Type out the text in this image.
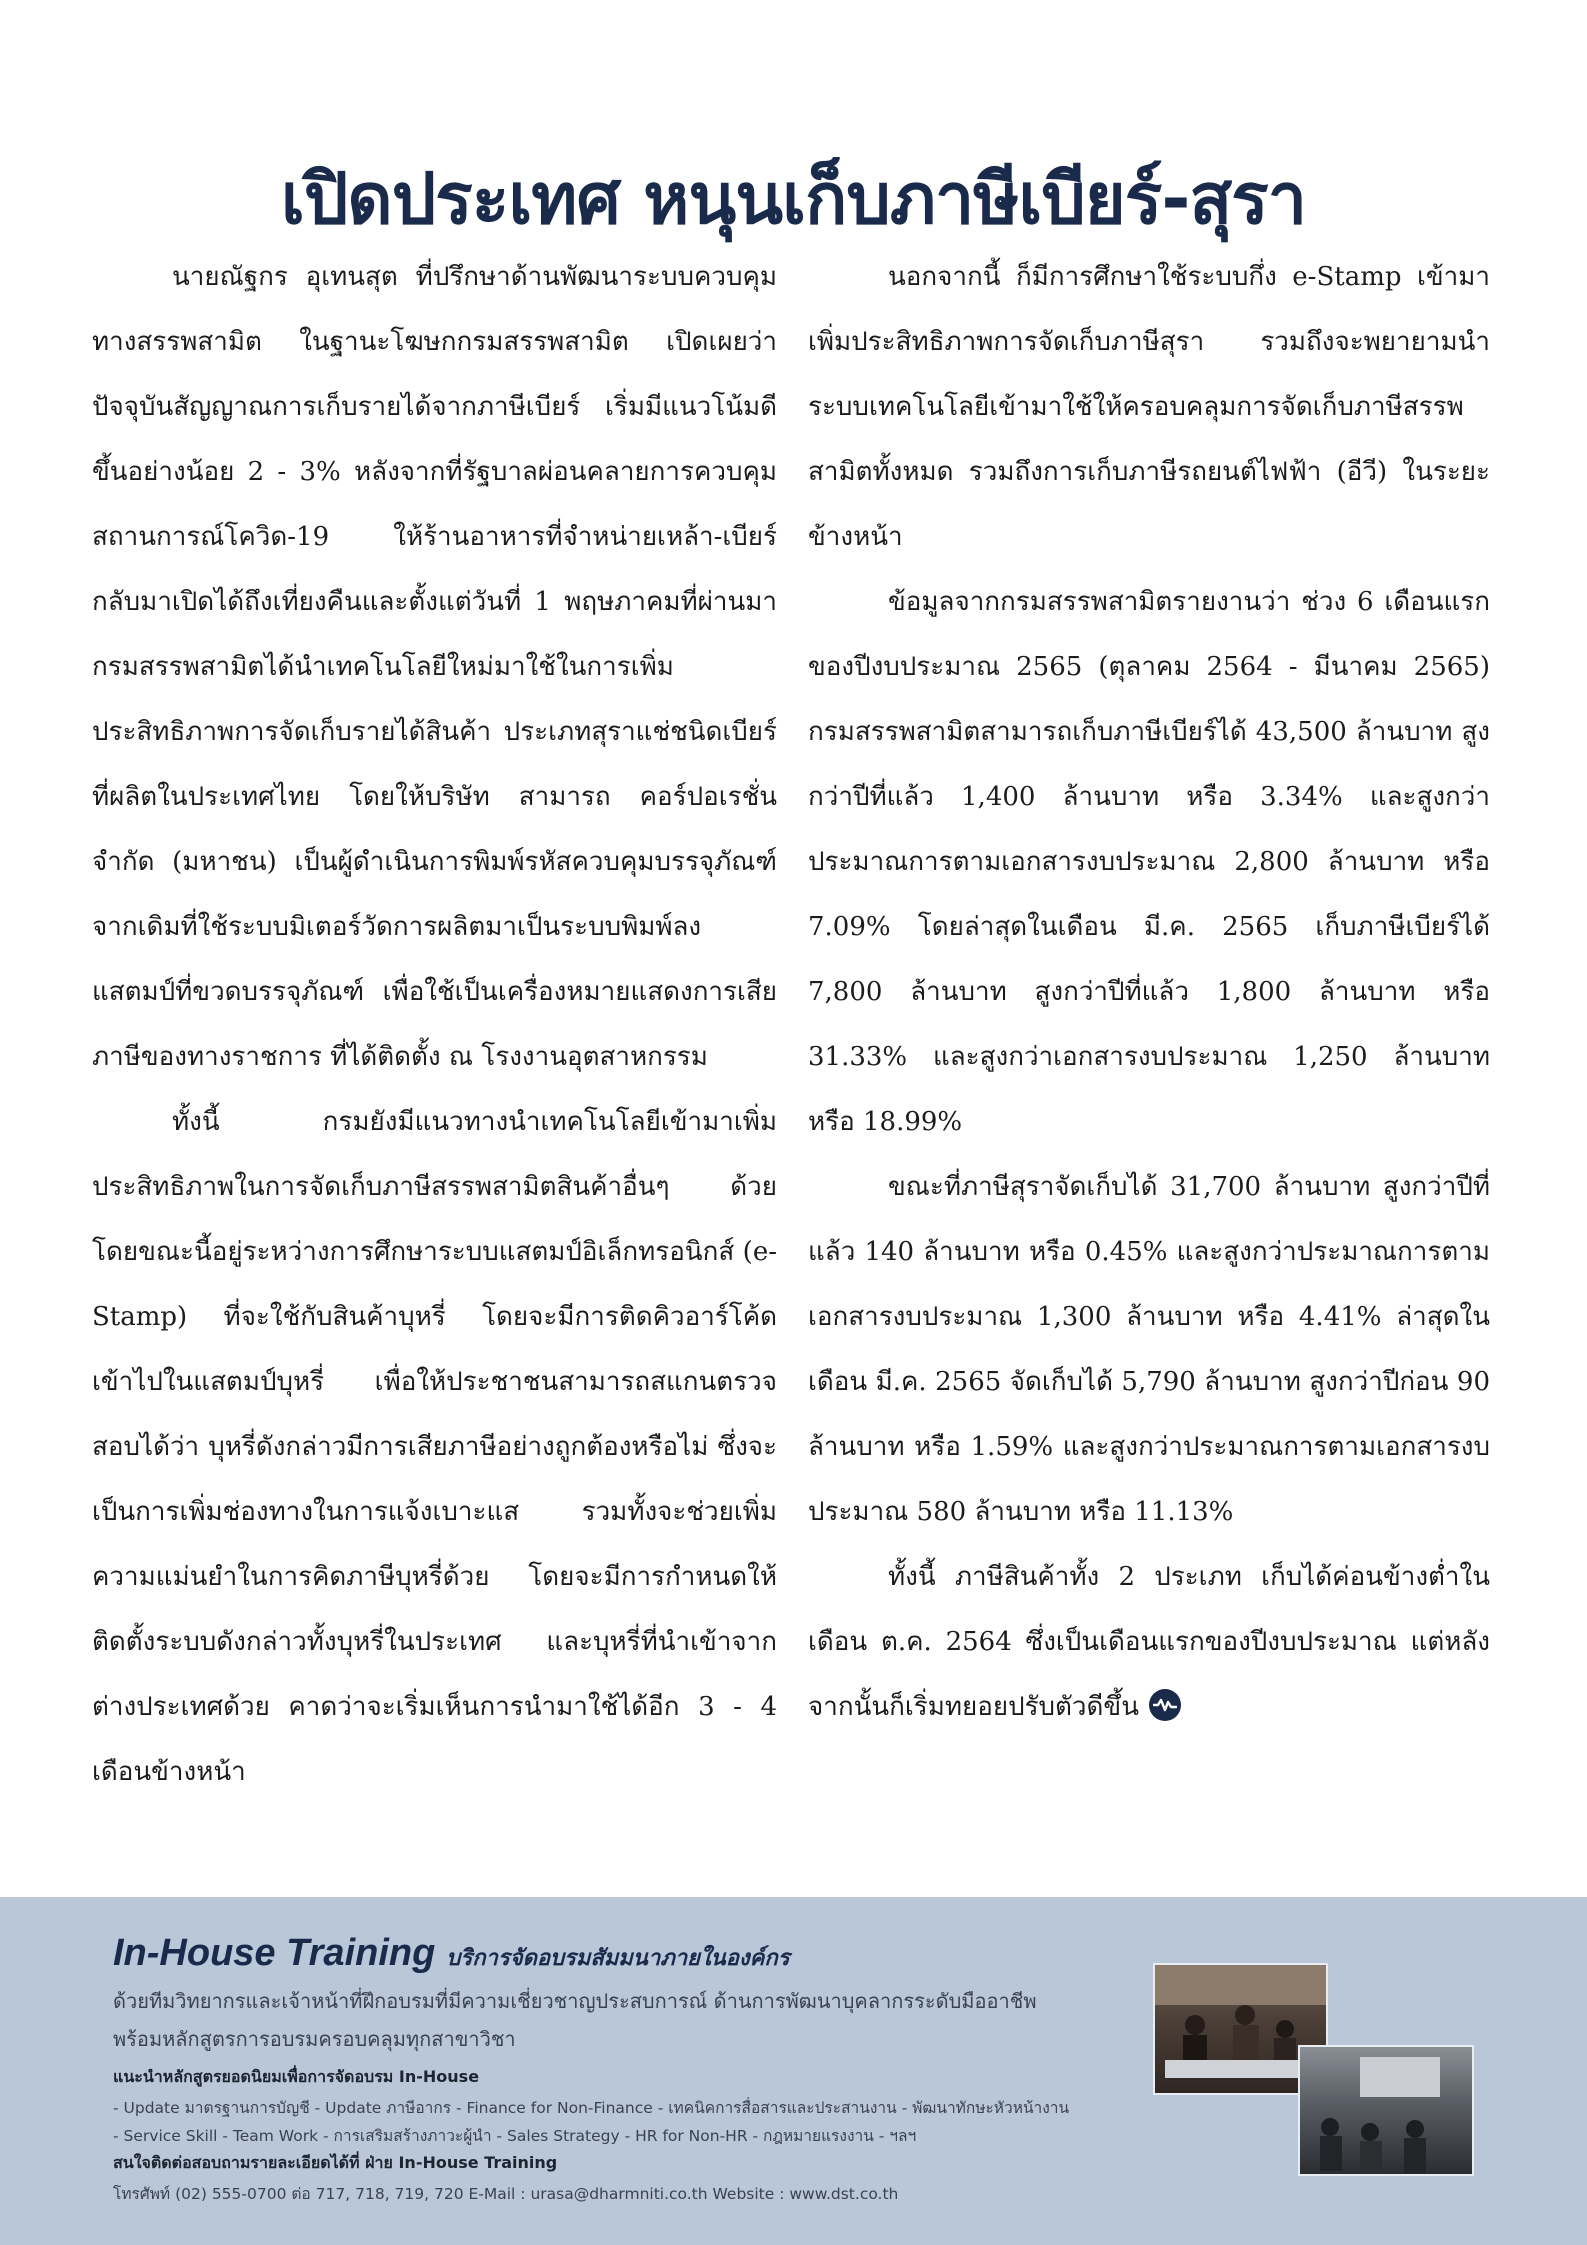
เปิดประเทศ หนุนเก็บภาษีเบียร์-สุรา

นายณัฐกร อุเทนสุต ที่ปรึกษาด้านพัฒนาระบบควบคุมทางสรรพสามิต ในฐานะโฆษกกรมสรรพสามิต เปิดเผยว่า ปัจจุบันสัญญาณการเก็บรายได้จากภาษีเบียร์ เริ่มมีแนวโน้มดีขึ้นอย่างน้อย 2 - 3% หลังจากที่รัฐบาลผ่อนคลายการควบคุมสถานการณ์โควิด-19 ให้ร้านอาหารที่จำหน่ายเหล้า-เบียร์ กลับมาเปิดได้ถึงเที่ยงคืนและตั้งแต่วันที่ 1 พฤษภาคมที่ผ่านมา กรมสรรพสามิตได้นำเทคโนโลยีใหม่มาใช้ในการเพิ่มประสิทธิภาพการจัดเก็บรายได้สินค้า ประเภทสุราแช่ชนิดเบียร์ที่ผลิตในประเทศไทย โดยให้บริษัท สามารถ คอร์ปอเรชั่น จำกัด (มหาชน) เป็นผู้ดำเนินการพิมพ์รหัสควบคุมบรรจุภัณฑ์ จากเดิมที่ใช้ระบบมิเตอร์วัดการผลิตมาเป็นระบบพิมพ์ลงแสตมป์ที่ขวดบรรจุภัณฑ์ เพื่อใช้เป็นเครื่องหมายแสดงการเสียภาษีของทางราชการ ที่ได้ติดตั้ง ณ โรงงานอุตสาหกรรม

ทั้งนี้ กรมยังมีแนวทางนำเทคโนโลยีเข้ามาเพิ่มประสิทธิภาพในการจัดเก็บภาษีสรรพสามิตสินค้าอื่นๆ ด้วย โดยขณะนี้อยู่ระหว่างการศึกษาระบบแสตมป์อิเล็กทรอนิกส์ (e-Stamp) ที่จะใช้กับสินค้าบุหรี่ โดยจะมีการติดคิวอาร์โค้ดเข้าไปในแสตมป์บุหรี่ เพื่อให้ประชาชนสามารถสแกนตรวจสอบได้ว่า บุหรี่ดังกล่าวมีการเสียภาษีอย่างถูกต้องหรือไม่ ซึ่งจะเป็นการเพิ่มช่องทางในการแจ้งเบาะแส รวมทั้งจะช่วยเพิ่มความแม่นยำในการคิดภาษีบุหรี่ด้วย โดยจะมีการกำหนดให้ติดตั้งระบบดังกล่าวทั้งบุหรี่ในประเทศ และบุหรี่ที่นำเข้าจากต่างประเทศด้วย คาดว่าจะเริ่มเห็นการนำมาใช้ได้อีก 3 - 4 เดือนข้างหน้า

นอกจากนี้ ก็มีการศึกษาใช้ระบบกึ่ง e-Stamp เข้ามาเพิ่มประสิทธิภาพการจัดเก็บภาษีสุรา รวมถึงจะพยายามนำระบบเทคโนโลยีเข้ามาใช้ให้ครอบคลุมการจัดเก็บภาษีสรรพสามิตทั้งหมด รวมถึงการเก็บภาษีรถยนต์ไฟฟ้า (อีวี) ในระยะข้างหน้า

ข้อมูลจากกรมสรรพสามิตรายงานว่า ช่วง 6 เดือนแรกของปีงบประมาณ 2565 (ตุลาคม 2564 - มีนาคม 2565) กรมสรรพสามิตสามารถเก็บภาษีเบียร์ได้ 43,500 ล้านบาท สูงกว่าปีที่แล้ว 1,400 ล้านบาท หรือ 3.34% และสูงกว่าประมาณการตามเอกสารงบประมาณ 2,800 ล้านบาท หรือ 7.09% โดยล่าสุดในเดือน มี.ค. 2565 เก็บภาษีเบียร์ได้ 7,800 ล้านบาท สูงกว่าปีที่แล้ว 1,800 ล้านบาท หรือ 31.33% และสูงกว่าเอกสารงบประมาณ 1,250 ล้านบาท หรือ 18.99%

ขณะที่ภาษีสุราจัดเก็บได้ 31,700 ล้านบาท สูงกว่าปีที่แล้ว 140 ล้านบาท หรือ 0.45% และสูงกว่าประมาณการตามเอกสารงบประมาณ 1,300 ล้านบาท หรือ 4.41% ล่าสุดในเดือน มี.ค. 2565 จัดเก็บได้ 5,790 ล้านบาท สูงกว่าปีก่อน 90 ล้านบาท หรือ 1.59% และสูงกว่าประมาณการตามเอกสารงบประมาณ 580 ล้านบาท หรือ 11.13%

ทั้งนี้ ภาษีสินค้าทั้ง 2 ประเภท เก็บได้ค่อนข้างต่ำในเดือน ต.ค. 2564 ซึ่งเป็นเดือนแรกของปีงบประมาณ แต่หลังจากนั้นก็เริ่มทยอยปรับตัวดีขึ้น

In-House Training บริการจัดอบรมสัมมนาภายในองค์กร
ด้วยทีมวิทยากรและเจ้าหน้าที่ฝึกอบรมที่มีความเชี่ยวชาญประสบการณ์ ด้านการพัฒนาบุคลากรระดับมืออาชีพ
พร้อมหลักสูตรการอบรมครอบคลุมทุกสาขาวิชา
แนะนำหลักสูตรยอดนิยมเพื่อการจัดอบรม In-House
- Update มาตรฐานการบัญชี - Update ภาษีอากร - Finance for Non-Finance - เทคนิคการสื่อสารและประสานงาน - พัฒนาทักษะหัวหน้างาน
- Service Skill - Team Work - การเสริมสร้างภาวะผู้นำ - Sales Strategy - HR for Non-HR - กฎหมายแรงงาน - ฯลฯ
สนใจติดต่อสอบถามรายละเอียดได้ที่ ฝ่าย In-House Training
โทรศัพท์ (02) 555-0700 ต่อ 717, 718, 719, 720 E-Mail : urasa@dharmniti.co.th Website : www.dst.co.th
